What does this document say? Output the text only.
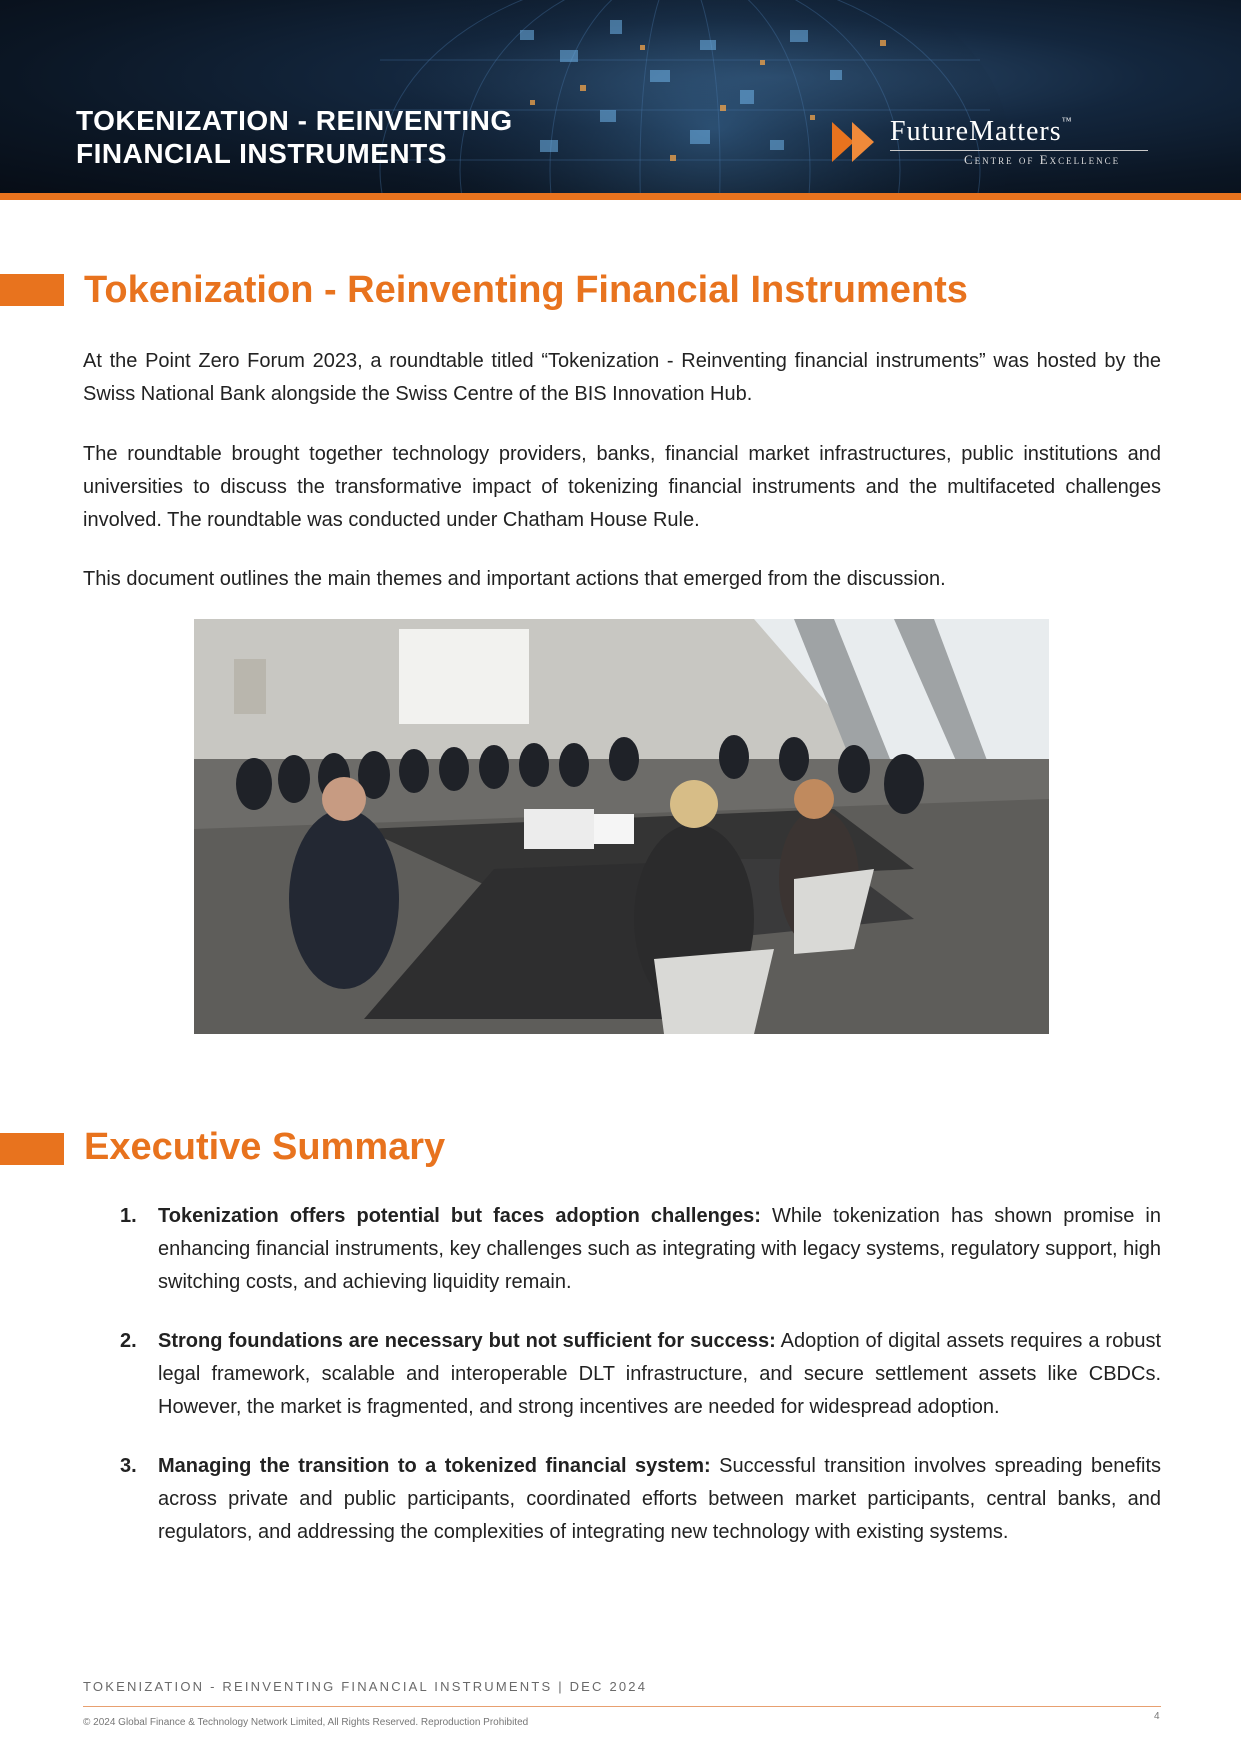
TOKENIZATION - REINVENTING
FINANCIAL INSTRUMENTS
FutureMatters™
Centre of Excellence
Tokenization - Reinventing Financial Instruments

At the Point Zero Forum 2023, a roundtable titled “Tokenization - Reinventing financial instruments” was hosted by the Swiss National Bank alongside the Swiss Centre of the BIS Innovation Hub.

The roundtable brought together technology providers, banks, financial market infrastructures, public institutions and universities to discuss the transformative impact of tokenizing financial instruments and the multifaceted challenges involved. The roundtable was conducted under Chatham House Rule.

This document outlines the main themes and important actions that emerged from the discussion.

Executive Summary
1. Tokenization offers potential but faces adoption challenges: While tokenization has shown promise in enhancing financial instruments, key challenges such as integrating with legacy systems, regulatory support, high switching costs, and achieving liquidity remain.
2. Strong foundations are necessary but not sufficient for success: Adoption of digital assets requires a robust legal framework, scalable and interoperable DLT infrastructure, and secure settlement assets like CBDCs. However, the market is fragmented, and strong incentives are needed for widespread adoption.
3. Managing the transition to a tokenized financial system: Successful transition involves spreading benefits across private and public participants, coordinated efforts between market participants, central banks, and regulators, and addressing the complexities of integrating new technology with existing systems.
TOKENIZATION - REINVENTING FINANCIAL INSTRUMENTS | DEC 2024
© 2024 Global Finance & Technology Network Limited, All Rights Reserved. Reproduction Prohibited
4
